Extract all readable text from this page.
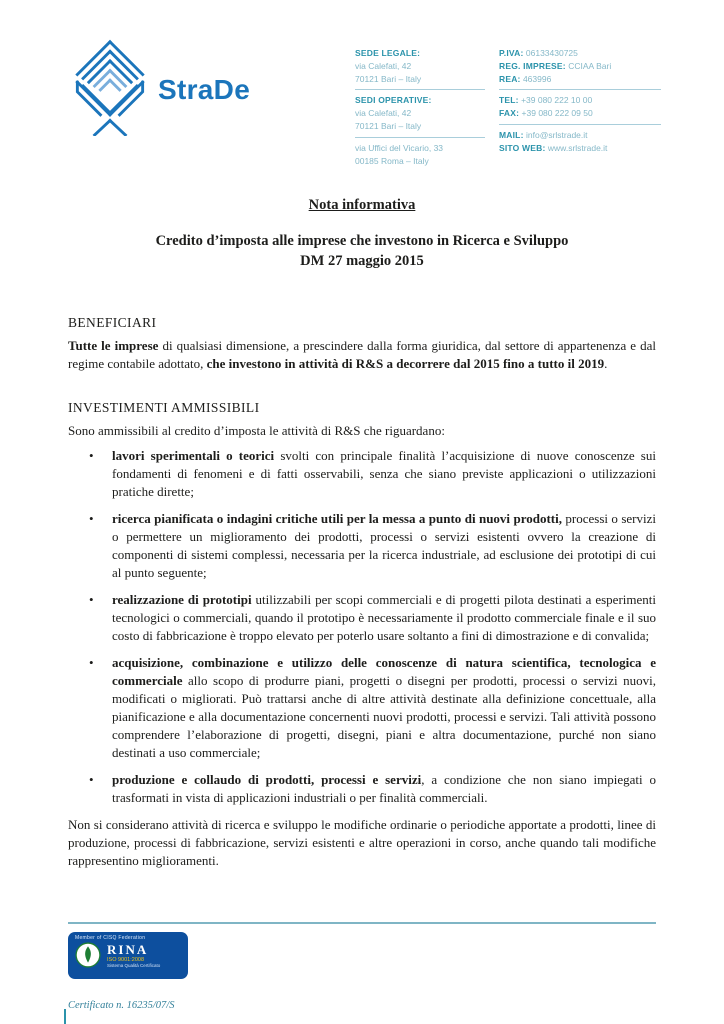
StraDe
SEDE LEGALE:
via Calefati, 42
70121 Bari – Italy
SEDI OPERATIVE:
via Calefati, 42
70121 Bari – Italy
via Uffici del Vicario, 33
00185 Roma – Italy
P.IVA: 06133430725
REG. IMPRESE: CCIAA Bari
REA: 463996
TEL: +39 080 222 10 00
FAX: +39 080 222 09 50
MAIL: info@srlstrade.it
SITO WEB: www.srlstrade.it
Nota informativa
Credito d’imposta alle imprese che investono in Ricerca e Sviluppo
DM 27 maggio 2015
BENEFICIARI

Tutte le imprese di qualsiasi dimensione, a prescindere dalla forma giuridica, dal settore di appartenenza e dal regime contabile adottato, che investono in attività di R&S a decorrere dal 2015 fino a tutto il 2019.

INVESTIMENTI AMMISSIBILI

Sono ammissibili al credito d’imposta le attività di R&S che riguardano:

• lavori sperimentali o teorici svolti con principale finalità l’acquisizione di nuove conoscenze sui fondamenti di fenomeni e di fatti osservabili, senza che siano previste applicazioni o utilizzazioni pratiche dirette;
• ricerca pianificata o indagini critiche utili per la messa a punto di nuovi prodotti, processi o servizi o permettere un miglioramento dei prodotti, processi o servizi esistenti ovvero la creazione di componenti di sistemi complessi, necessaria per la ricerca industriale, ad esclusione dei prototipi di cui al punto seguente;
• realizzazione di prototipi utilizzabili per scopi commerciali e di progetti pilota destinati a esperimenti tecnologici o commerciali, quando il prototipo è necessariamente il prodotto commerciale finale e il suo costo di fabbricazione è troppo elevato per poterlo usare soltanto a fini di dimostrazione e di convalida;
• acquisizione, combinazione e utilizzo delle conoscenze di natura scientifica, tecnologica e commerciale allo scopo di produrre piani, progetti o disegni per prodotti, processi o servizi nuovi, modificati o migliorati. Può trattarsi anche di altre attività destinate alla definizione concettuale, alla pianificazione e alla documentazione concernenti nuovi prodotti, processi e servizi. Tali attività possono comprendere l’elaborazione di progetti, disegni, piani e altra documentazione, purché non siano destinati a uso commerciale;
• produzione e collaudo di prodotti, processi e servizi, a condizione che non siano impiegati o trasformati in vista di applicazioni industriali o per finalità commerciali.

Non si considerano attività di ricerca e sviluppo le modifiche ordinarie o periodiche apportate a prodotti, linee di produzione, processi di fabbricazione, servizi esistenti e altre operazioni in corso, anche quando tali modifiche rappresentino miglioramenti.

Member of CISQ Federation
RINA
ISO 9001:2008
Sistema Qualità Certificato
Certificato n. 16235/07/S
